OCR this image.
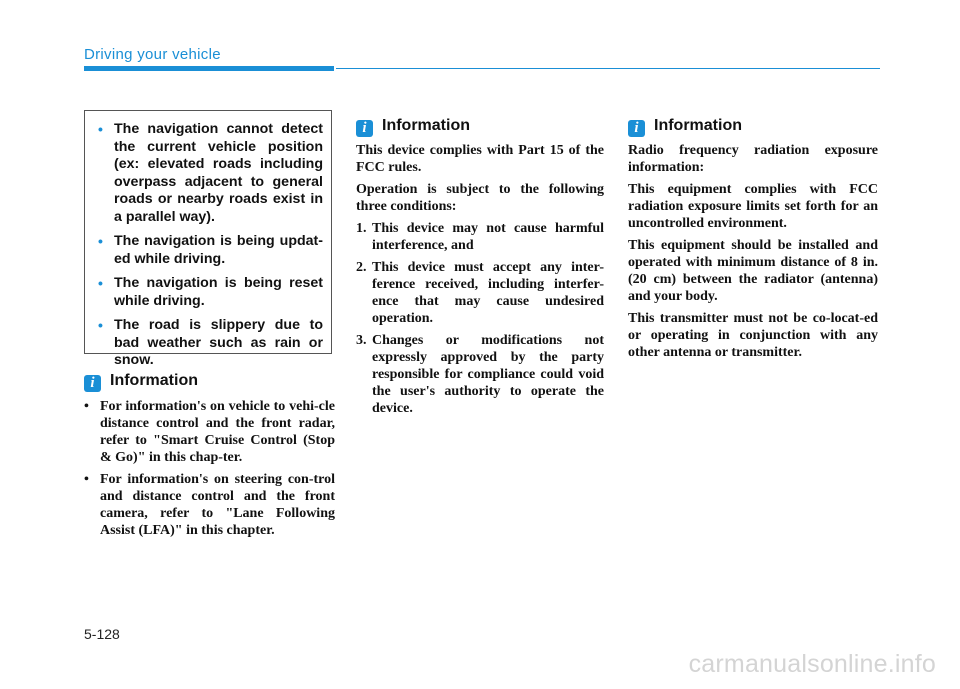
Driving your vehicle
• The navigation cannot detect the current vehicle position (ex: elevated roads including overpass adjacent to general roads or nearby roads exist in a parallel way).
• The navigation is being updat-ed while driving.
• The navigation is being reset while driving.
• The road is slippery due to bad weather such as rain or snow.
i Information
• For information's on vehicle to vehi-cle distance control and the front radar, refer to "Smart Cruise Control (Stop & Go)" in this chap-ter.
• For information's on steering con-trol and distance control and the front camera, refer to "Lane Following Assist (LFA)" in this chapter.
i Information

This device complies with Part 15 of the FCC rules.

Operation is subject to the following three conditions:

1. This device may not cause harmful interference, and
2. This device must accept any inter-ference received, including interfer-ence that may cause undesired operation.
3. Changes or modifications not expressly approved by the party responsible for compliance could void the user's authority to operate the device.
i Information

Radio frequency radiation exposure information:

This equipment complies with FCC radiation exposure limits set forth for an uncontrolled environment.

This equipment should be installed and operated with minimum distance of 8 in. (20 cm) between the radiator (antenna) and your body.

This transmitter must not be co-locat-ed or operating in conjunction with any other antenna or transmitter.

5-128
carmanualsonline.info
